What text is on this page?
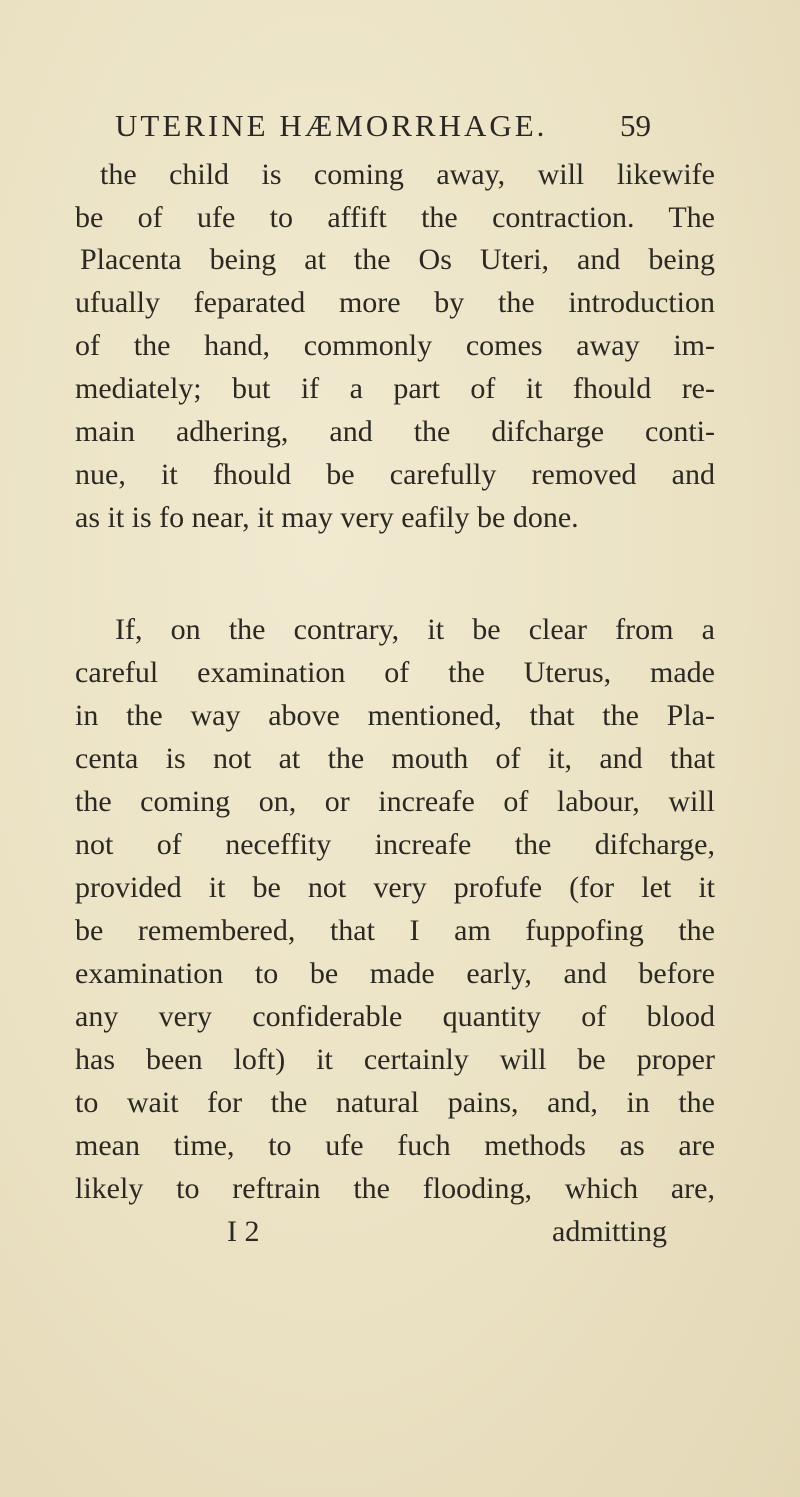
UTERINE HÆMORRHAGE. 59
the child is coming away, will likewife
be of ufe to affift the contraction. The
Placenta being at the Os Uteri, and being
ufually feparated more by the introduction
of the hand, commonly comes away im-
mediately; but if a part of it fhould re-
main adhering, and the difcharge conti-
nue, it fhould be carefully removed and
as it is fo near, it may very eafily be done.
If, on the contrary, it be clear from a
careful examination of the Uterus, made
in the way above mentioned, that the Pla-
centa is not at the mouth of it, and that
the coming on, or increafe of labour, will
not of neceffity increafe the difcharge,
provided it be not very profufe (for let it
be remembered, that I am fuppofing the
examination to be made early, and before
any very confiderable quantity of blood
has been loft) it certainly will be proper
to wait for the natural pains, and, in the
mean time, to ufe fuch methods as are
likely to reftrain the flooding, which are,
I 2	admitting
